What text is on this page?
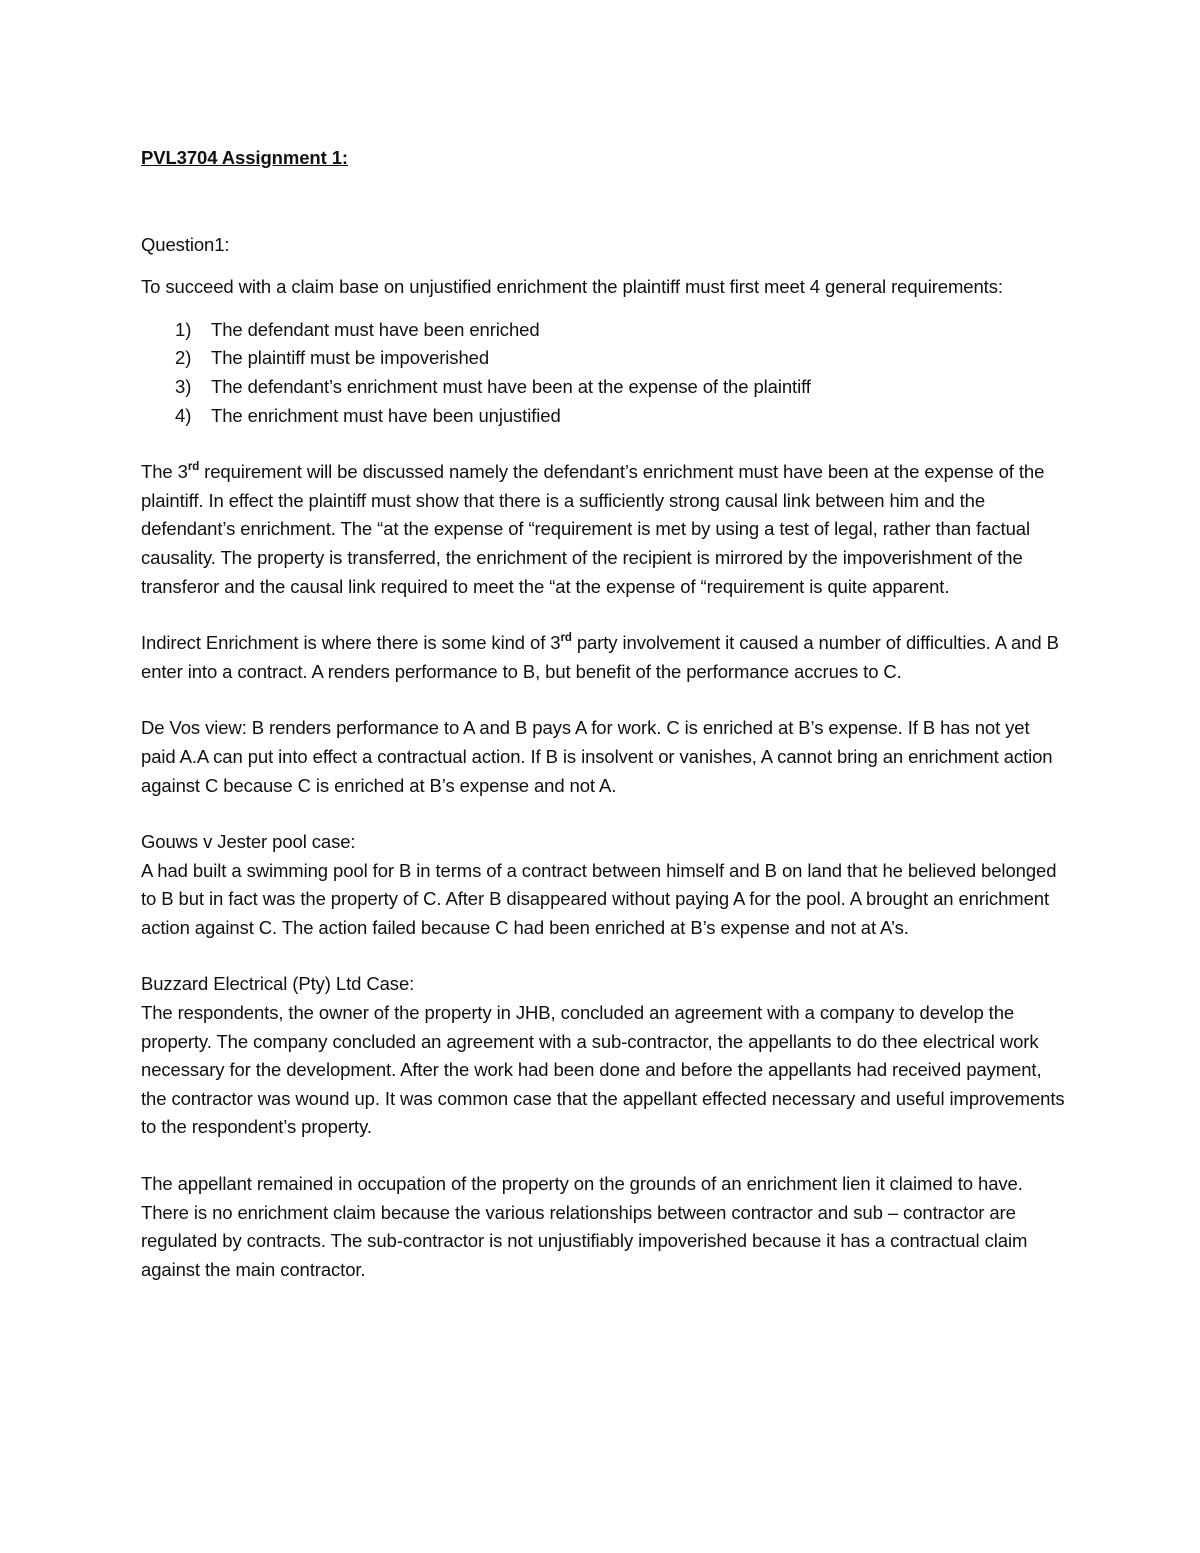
PVL3704 Assignment 1:

Question1:

To succeed with a claim base on unjustified enrichment the plaintiff must first meet 4 general requirements:

1) The defendant must have been enriched
2) The plaintiff must be impoverished
3) The defendant’s enrichment must have been at the expense of the plaintiff
4) The enrichment must have been unjustified

The 3rd requirement will be discussed namely the defendant’s enrichment must have been at the expense of the plaintiff. In effect the plaintiff must show that there is a sufficiently strong causal link between him and the defendant’s enrichment. The “at the expense of “requirement is met by using a test of legal, rather than factual causality. The property is transferred, the enrichment of the recipient is mirrored by the impoverishment of the transferor and the causal link required to meet the “at the expense of “requirement is quite apparent.

Indirect Enrichment is where there is some kind of 3rd party involvement it caused a number of difficulties. A and B enter into a contract. A renders performance to B, but benefit of the performance accrues to C.

De Vos view: B renders performance to A and B pays A for work. C is enriched at B’s expense. If B has not yet paid A.A can put into effect a contractual action. If B is insolvent or vanishes, A cannot bring an enrichment action against C because C is enriched at B’s expense and not A.

Gouws v Jester pool case:

A had built a swimming pool for B in terms of a contract between himself and B on land that he believed belonged to B but in fact was the property of C. After B disappeared without paying A for the pool. A brought an enrichment action against C. The action failed because C had been enriched at B’s expense and not at A’s.

Buzzard Electrical (Pty) Ltd Case:

The respondents, the owner of the property in JHB, concluded an agreement with a company to develop the property. The company concluded an agreement with a sub-contractor, the appellants to do thee electrical work necessary for the development. After the work had been done and before the appellants had received payment, the contractor was wound up. It was common case that the appellant effected necessary and useful improvements to the respondent’s property.

The appellant remained in occupation of the property on the grounds of an enrichment lien it claimed to have. There is no enrichment claim because the various relationships between contractor and sub – contractor are regulated by contracts. The sub-contractor is not unjustifiably impoverished because it has a contractual claim against the main contractor.
